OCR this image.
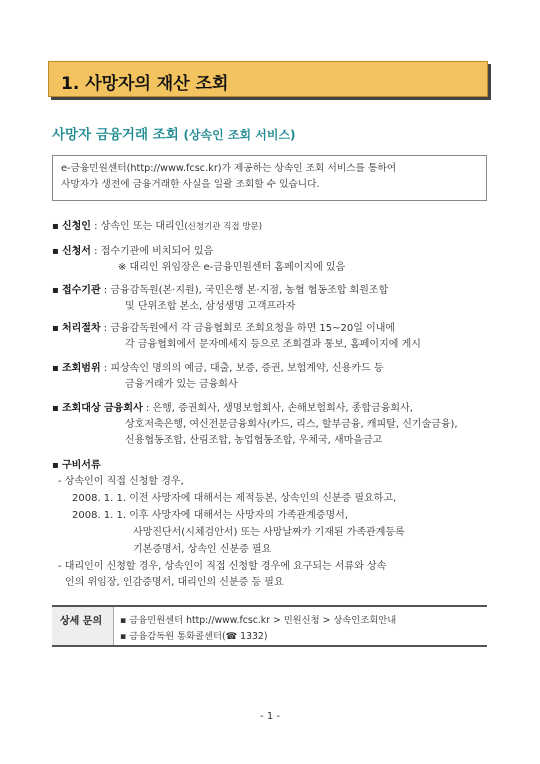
1. 사망자의 재산 조회
사망자 금융거래 조회 (상속인 조회 서비스)
e-금융민원센터(http://www.fcsc.kr)가 제공하는 상속인 조회 서비스를 통하여
사망자가 생전에 금융거래한 사실을 일괄 조회할 수 있습니다.
▪ 신청인 : 상속인 또는 대리인(신청기관 직접 방문)
▪ 신청서 : 접수기관에 비치되어 있음
※ 대리인 위임장은 e-금융민원센터 홈페이지에 있음
▪ 접수기관 : 금융감독원(본·지원), 국민은행 본·지점, 농협 협동조합 회원조합
및 단위조합 본소, 삼성생명 고객프라자
▪ 처리절차 : 금융감독원에서 각 금융협회로 조회요청을 하면 15~20일 이내에
각 금융협회에서 문자메세지 등으로 조회결과 통보, 홈페이지에 게시
▪ 조회범위 : 피상속인 명의의 예금, 대출, 보증, 증권, 보험계약, 신용카드 등
금융거래가 있는 금융회사
▪ 조회대상 금융회사 : 은행, 증권회사, 생명보험회사, 손해보험회사, 종합금융회사,
상호저축은행, 여신전문금융회사(카드, 리스, 할부금융, 캐피탈, 신기술금융),
신용협동조합, 산림조합, 농업협동조합, 우체국, 새마을금고
▪ 구비서류
- 상속인이 직접 신청할 경우,
2008. 1. 1. 이전 사망자에 대해서는 제적등본, 상속인의 신분증 필요하고,
2008. 1. 1. 이후 사망자에 대해서는 사망자의 가족관계증명서,
사망진단서(시체검안서) 또는 사망날짜가 기재된 가족관계등록
기본증명서, 상속인 신분증 필요
- 대리인이 신청할 경우, 상속인이 직접 신청할 경우에 요구되는 서류와 상속
인의 위임장, 인감증명서, 대리인의 신분증 등 필요
상세 문의	▪ 금융민원센터 http://www.fcsc.kr > 민원신청 > 상속인조회안내
▪ 금융감독원 통화콜센터(☎ 1332)
- 1 -
